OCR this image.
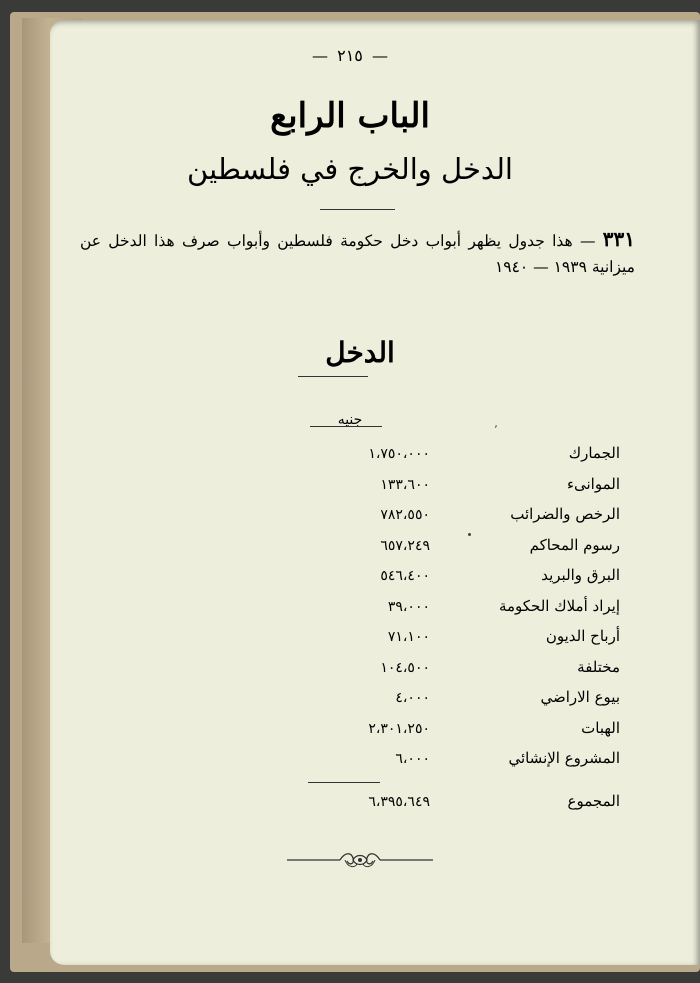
— ٢١٥ —
الباب الرابع
الدخل والخرج في فلسطين
٣٣١ — هذا جدول يظهر أبواب دخل حكومة فلسطين وأبواب صرف هذا الدخل عن ميزانية ١٩٣٩ — ١٩٤٠
الدخل
٬
جنيه
الجمارك
١،٧٥٠،٠٠٠
الموانىء
١٣٣،٦٠٠
الرخص والضرائب
٧٨٢،٥٥٠
رسوم المحاكم
٦٥٧،٢٤٩
البرق والبريد
٥٤٦،٤٠٠
إيراد أملاك الحكومة
٣٩،٠٠٠
أرباح الديون
٧١،١٠٠
مختلفة
١٠٤،٥٠٠
بيوع الاراضي
٤،٠٠٠
الهبات
٢،٣٠١،٢٥٠
المشروع الإنشائي
٦،٠٠٠
المجموع
٦،٣٩٥،٦٤٩
